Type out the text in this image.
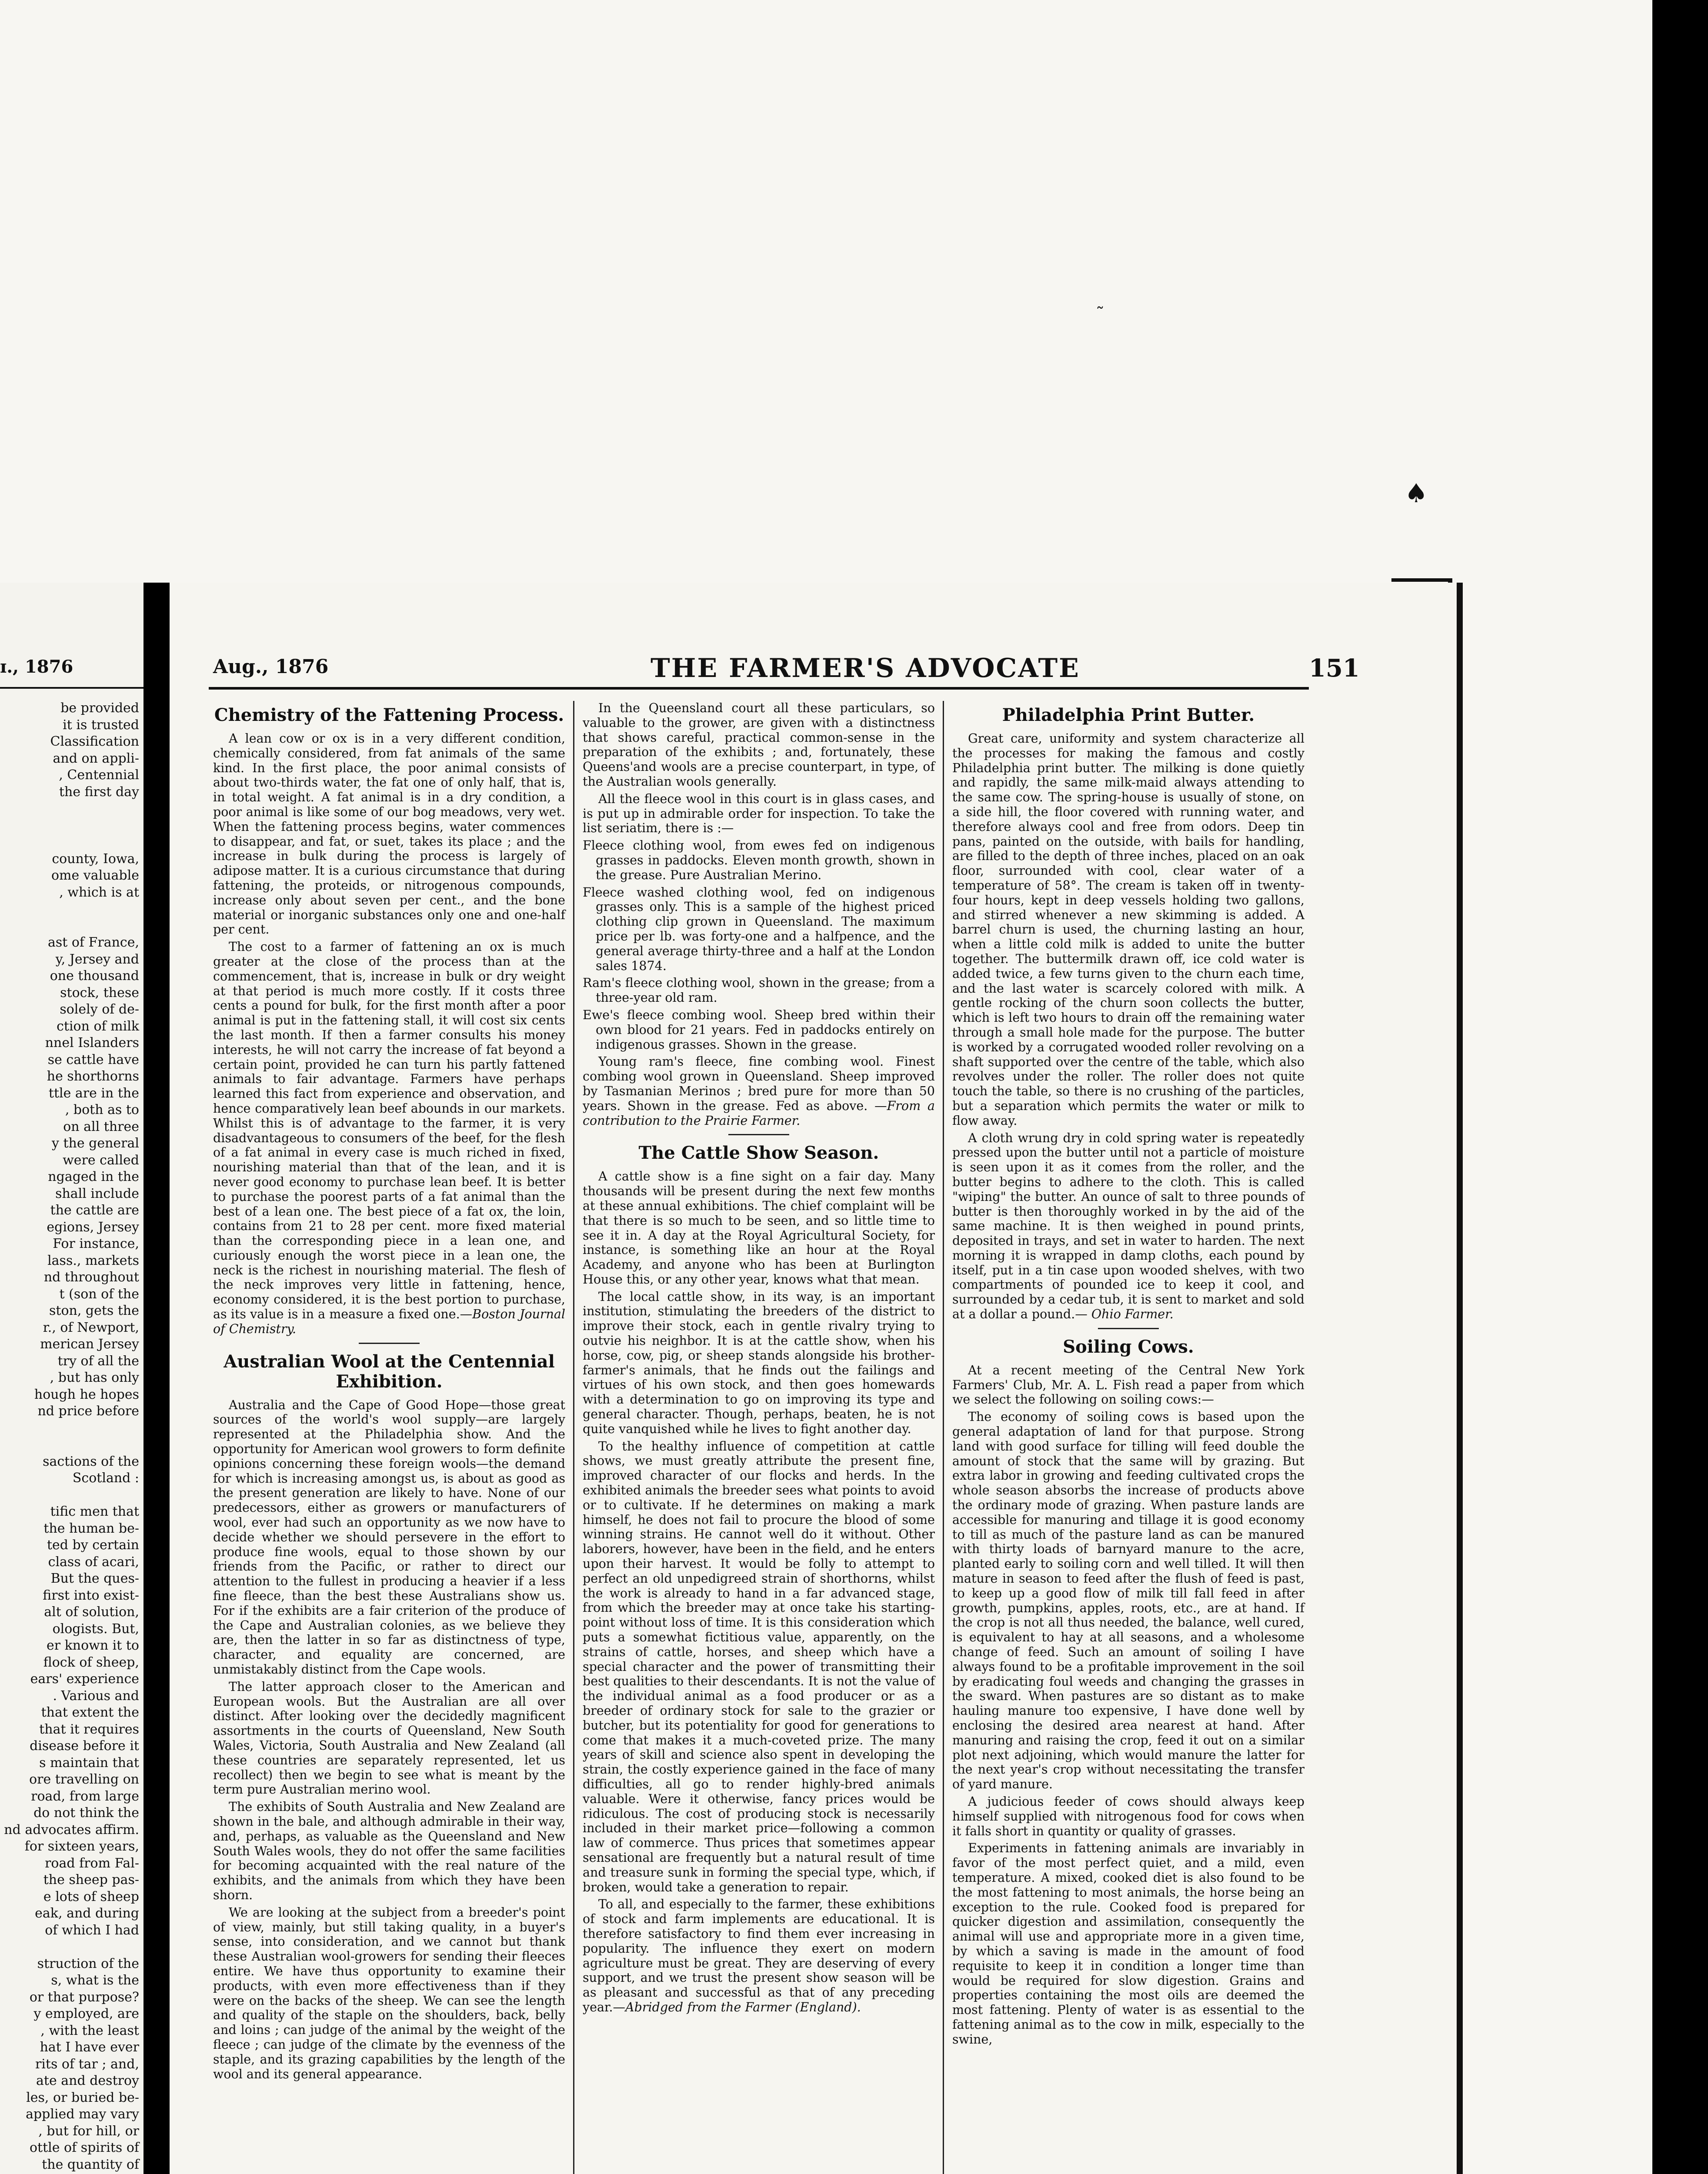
˜
♠
ɪ., 1876
be provided
it is trusted
Classification
and on appli-
, Centennial
the first day

county, Iowa,
ome valuable
, which is at

ast of France,
y, Jersey and
one thousand
stock, these
solely of de-
ction of milk
nnel Islanders
se cattle have
he shorthorns
ttle are in the
, both as to
on all three
y the general
were called
ngaged in the
shall include
the cattle are
egions, Jersey
For instance,
lass., markets
nd throughout
t (son of the
ston, gets the
r., of Newport,
merican Jersey
try of all the
, but has only
hough he hopes
nd price before

sactions of the
Scotland :

tific men that
the human be-
ted by certain
class of acari,
But the ques-
first into exist-
alt of solution,
ologists. But,
er known it to
flock of sheep,
ears' experience
. Various and
that extent the
that it requires
disease before it
s maintain that
ore travelling on
road, from large
do not think the
nd advocates affirm.
for sixteen years,
road from Fal-
the sheep pas-
e lots of sheep
eak, and during
of which I had

struction of the
s, what is the
or that purpose?
y employed, are
, with the least
hat I have ever
rits of tar ; and,
ate and destroy
les, or buried be-
applied may vary
, but for hill, or
ottle of spirits of
the quantity of

Aug., 1876	THE FARMER'S ADVOCATE	151
Chemistry of the Fattening Process.

A lean cow or ox is in a very different condition, chemically considered, from fat animals of the same kind. In the first place, the poor animal consists of about two-thirds water, the fat one of only half, that is, in total weight. A fat animal is in a dry condition, a poor animal is like some of our bog meadows, very wet. When the fattening process begins, water commences to disappear, and fat, or suet, takes its place ; and the increase in bulk during the process is largely of adipose matter. It is a curious circumstance that during fattening, the proteids, or nitrogenous compounds, increase only about seven per cent., and the bone material or inorganic substances only one and one-half per cent.

The cost to a farmer of fattening an ox is much greater at the close of the process than at the commencement, that is, increase in bulk or dry weight at that period is much more costly. If it costs three cents a pound for bulk, for the first month after a poor animal is put in the fattening stall, it will cost six cents the last month. If then a farmer consults his money interests, he will not carry the increase of fat beyond a certain point, provided he can turn his partly fattened animals to fair advantage. Farmers have perhaps learned this fact from experience and observation, and hence comparatively lean beef abounds in our markets. Whilst this is of advantage to the farmer, it is very disadvantageous to consumers of the beef, for the flesh of a fat animal in every case is much riched in fixed, nourishing material than that of the lean, and it is never good economy to purchase lean beef. It is better to purchase the poorest parts of a fat animal than the best of a lean one. The best piece of a fat ox, the loin, contains from 21 to 28 per cent. more fixed material than the corresponding piece in a lean one, and curiously enough the worst piece in a lean one, the neck is the richest in nourishing material. The flesh of the neck improves very little in fattening, hence, economy considered, it is the best portion to purchase, as its value is in a measure a fixed one.—Boston Journal of Chemistry.

Australian Wool at the Centennial Exhibition.

Australia and the Cape of Good Hope—those great sources of the world's wool supply—are largely represented at the Philadelphia show. And the opportunity for American wool growers to form definite opinions concerning these foreign wools—the demand for which is increasing amongst us, is about as good as the present generation are likely to have. None of our predecessors, either as growers or manufacturers of wool, ever had such an opportunity as we now have to decide whether we should persevere in the effort to produce fine wools, equal to those shown by our friends from the Pacific, or rather to direct our attention to the fullest in producing a heavier if a less fine fleece, than the best these Australians show us. For if the exhibits are a fair criterion of the produce of the Cape and Australian colonies, as we believe they are, then the latter in so far as distinctness of type, character, and equality are concerned, are unmistakably distinct from the Cape wools.

The latter approach closer to the American and European wools. But the Australian are all over distinct. After looking over the decidedly magnificent assortments in the courts of Queensland, New South Wales, Victoria, South Australia and New Zealand (all these countries are separately represented, let us recollect) then we begin to see what is meant by the term pure Australian merino wool.

The exhibits of South Australia and New Zealand are shown in the bale, and although admirable in their way, and, perhaps, as valuable as the Queensland and New South Wales wools, they do not offer the same facilities for becoming acquainted with the real nature of the exhibits, and the animals from which they have been shorn.

We are looking at the subject from a breeder's point of view, mainly, but still taking quality, in a buyer's sense, into consideration, and we cannot but thank these Australian wool-growers for sending their fleeces entire. We have thus opportunity to examine their products, with even more effectiveness than if they were on the backs of the sheep. We can see the length and quality of the staple on the shoulders, back, belly and loins ; can judge of the animal by the weight of the fleece ; can judge of the climate by the evenness of the staple, and its grazing capabilities by the length of the wool and its general appearance.

In the Queensland court all these particulars, so valuable to the grower, are given with a distinctness that shows careful, practical common-sense in the preparation of the exhibits ; and, fortunately, these Queens'and wools are a precise counterpart, in type, of the Australian wools generally.

All the fleece wool in this court is in glass cases, and is put up in admirable order for inspection. To take the list seriatim, there is :—

Fleece clothing wool, from ewes fed on indigenous grasses in paddocks. Eleven month growth, shown in the grease. Pure Australian Merino.

Fleece washed clothing wool, fed on indigenous grasses only. This is a sample of the highest priced clothing clip grown in Queensland. The maximum price per lb. was forty-one and a halfpence, and the general average thirty-three and a half at the London sales 1874.

Ram's fleece clothing wool, shown in the grease; from a three-year old ram.

Ewe's fleece combing wool. Sheep bred within their own blood for 21 years. Fed in paddocks entirely on indigenous grasses. Shown in the grease.

Young ram's fleece, fine combing wool. Finest combing wool grown in Queensland. Sheep improved by Tasmanian Merinos ; bred pure for more than 50 years. Shown in the grease. Fed as above. —From a contribution to the Prairie Farmer.

The Cattle Show Season.

A cattle show is a fine sight on a fair day. Many thousands will be present during the next few months at these annual exhibitions. The chief complaint will be that there is so much to be seen, and so little time to see it in. A day at the Royal Agricultural Society, for instance, is something like an hour at the Royal Academy, and anyone who has been at Burlington House this, or any other year, knows what that mean.

The local cattle show, in its way, is an important institution, stimulating the breeders of the district to improve their stock, each in gentle rivalry trying to outvie his neighbor. It is at the cattle show, when his horse, cow, pig, or sheep stands alongside his brother-farmer's animals, that he finds out the failings and virtues of his own stock, and then goes homewards with a determination to go on improving its type and general character. Though, perhaps, beaten, he is not quite vanquished while he lives to fight another day.

To the healthy influence of competition at cattle shows, we must greatly attribute the present fine, improved character of our flocks and herds. In the exhibited animals the breeder sees what points to avoid or to cultivate. If he determines on making a mark himself, he does not fail to procure the blood of some winning strains. He cannot well do it without. Other laborers, however, have been in the field, and he enters upon their harvest. It would be folly to attempt to perfect an old unpedigreed strain of shorthorns, whilst the work is already to hand in a far advanced stage, from which the breeder may at once take his starting-point without loss of time. It is this consideration which puts a somewhat fictitious value, apparently, on the strains of cattle, horses, and sheep which have a special character and the power of transmitting their best qualities to their descendants. It is not the value of the individual animal as a food producer or as a breeder of ordinary stock for sale to the grazier or butcher, but its potentiality for good for generations to come that makes it a much-coveted prize. The many years of skill and science also spent in developing the strain, the costly experience gained in the face of many difficulties, all go to render highly-bred animals valuable. Were it otherwise, fancy prices would be ridiculous. The cost of producing stock is necessarily included in their market price—following a common law of commerce. Thus prices that sometimes appear sensational are frequently but a natural result of time and treasure sunk in forming the special type, which, if broken, would take a generation to repair.

To all, and especially to the farmer, these exhibitions of stock and farm implements are educational. It is therefore satisfactory to find them ever increasing in popularity. The influence they exert on modern agriculture must be great. They are deserving of every support, and we trust the present show season will be as pleasant and successful as that of any preceding year.—Abridged from the Farmer (England).

Philadelphia Print Butter.

Great care, uniformity and system characterize all the processes for making the famous and costly Philadelphia print butter. The milking is done quietly and rapidly, the same milk-maid always attending to the same cow. The spring-house is usually of stone, on a side hill, the floor covered with running water, and therefore always cool and free from odors. Deep tin pans, painted on the outside, with bails for handling, are filled to the depth of three inches, placed on an oak floor, surrounded with cool, clear water of a temperature of 58°. The cream is taken off in twenty-four hours, kept in deep vessels holding two gallons, and stirred whenever a new skimming is added. A barrel churn is used, the churning lasting an hour, when a little cold milk is added to unite the butter together. The buttermilk drawn off, ice cold water is added twice, a few turns given to the churn each time, and the last water is scarcely colored with milk. A gentle rocking of the churn soon collects the butter, which is left two hours to drain off the remaining water through a small hole made for the purpose. The butter is worked by a corrugated wooded roller revolving on a shaft supported over the centre of the table, which also revolves under the roller. The roller does not quite touch the table, so there is no crushing of the particles, but a separation which permits the water or milk to flow away.

A cloth wrung dry in cold spring water is repeatedly pressed upon the butter until not a particle of moisture is seen upon it as it comes from the roller, and the butter begins to adhere to the cloth. This is called "wiping" the butter. An ounce of salt to three pounds of butter is then thoroughly worked in by the aid of the same machine. It is then weighed in pound prints, deposited in trays, and set in water to harden. The next morning it is wrapped in damp cloths, each pound by itself, put in a tin case upon wooded shelves, with two compartments of pounded ice to keep it cool, and surrounded by a cedar tub, it is sent to market and sold at a dollar a pound.— Ohio Farmer.

Soiling Cows.

At a recent meeting of the Central New York Farmers' Club, Mr. A. L. Fish read a paper from which we select the following on soiling cows:—

The economy of soiling cows is based upon the general adaptation of land for that purpose. Strong land with good surface for tilling will feed double the amount of stock that the same will by grazing. But extra labor in growing and feeding cultivated crops the whole season absorbs the increase of products above the ordinary mode of grazing. When pasture lands are accessible for manuring and tillage it is good economy to till as much of the pasture land as can be manured with thirty loads of barnyard manure to the acre, planted early to soiling corn and well tilled. It will then mature in season to feed after the flush of feed is past, to keep up a good flow of milk till fall feed in after growth, pumpkins, apples, roots, etc., are at hand. If the crop is not all thus needed, the balance, well cured, is equivalent to hay at all seasons, and a wholesome change of feed. Such an amount of soiling I have always found to be a profitable improvement in the soil by eradicating foul weeds and changing the grasses in the sward. When pastures are so distant as to make hauling manure too expensive, I have done well by enclosing the desired area nearest at hand. After manuring and raising the crop, feed it out on a similar plot next adjoining, which would manure the latter for the next year's crop without necessitating the transfer of yard manure.

A judicious feeder of cows should always keep himself supplied with nitrogenous food for cows when it falls short in quantity or quality of grasses.

Experiments in fattening animals are invariably in favor of the most perfect quiet, and a mild, even temperature. A mixed, cooked diet is also found to be the most fattening to most animals, the horse being an exception to the rule. Cooked food is prepared for quicker digestion and assimilation, consequently the animal will use and appropriate more in a given time, by which a saving is made in the amount of food requisite to keep it in condition a longer time than would be required for slow digestion. Grains and properties containing the most oils are deemed the most fattening. Plenty of water is as essential to the fattening animal as to the cow in milk, especially to the swine,
